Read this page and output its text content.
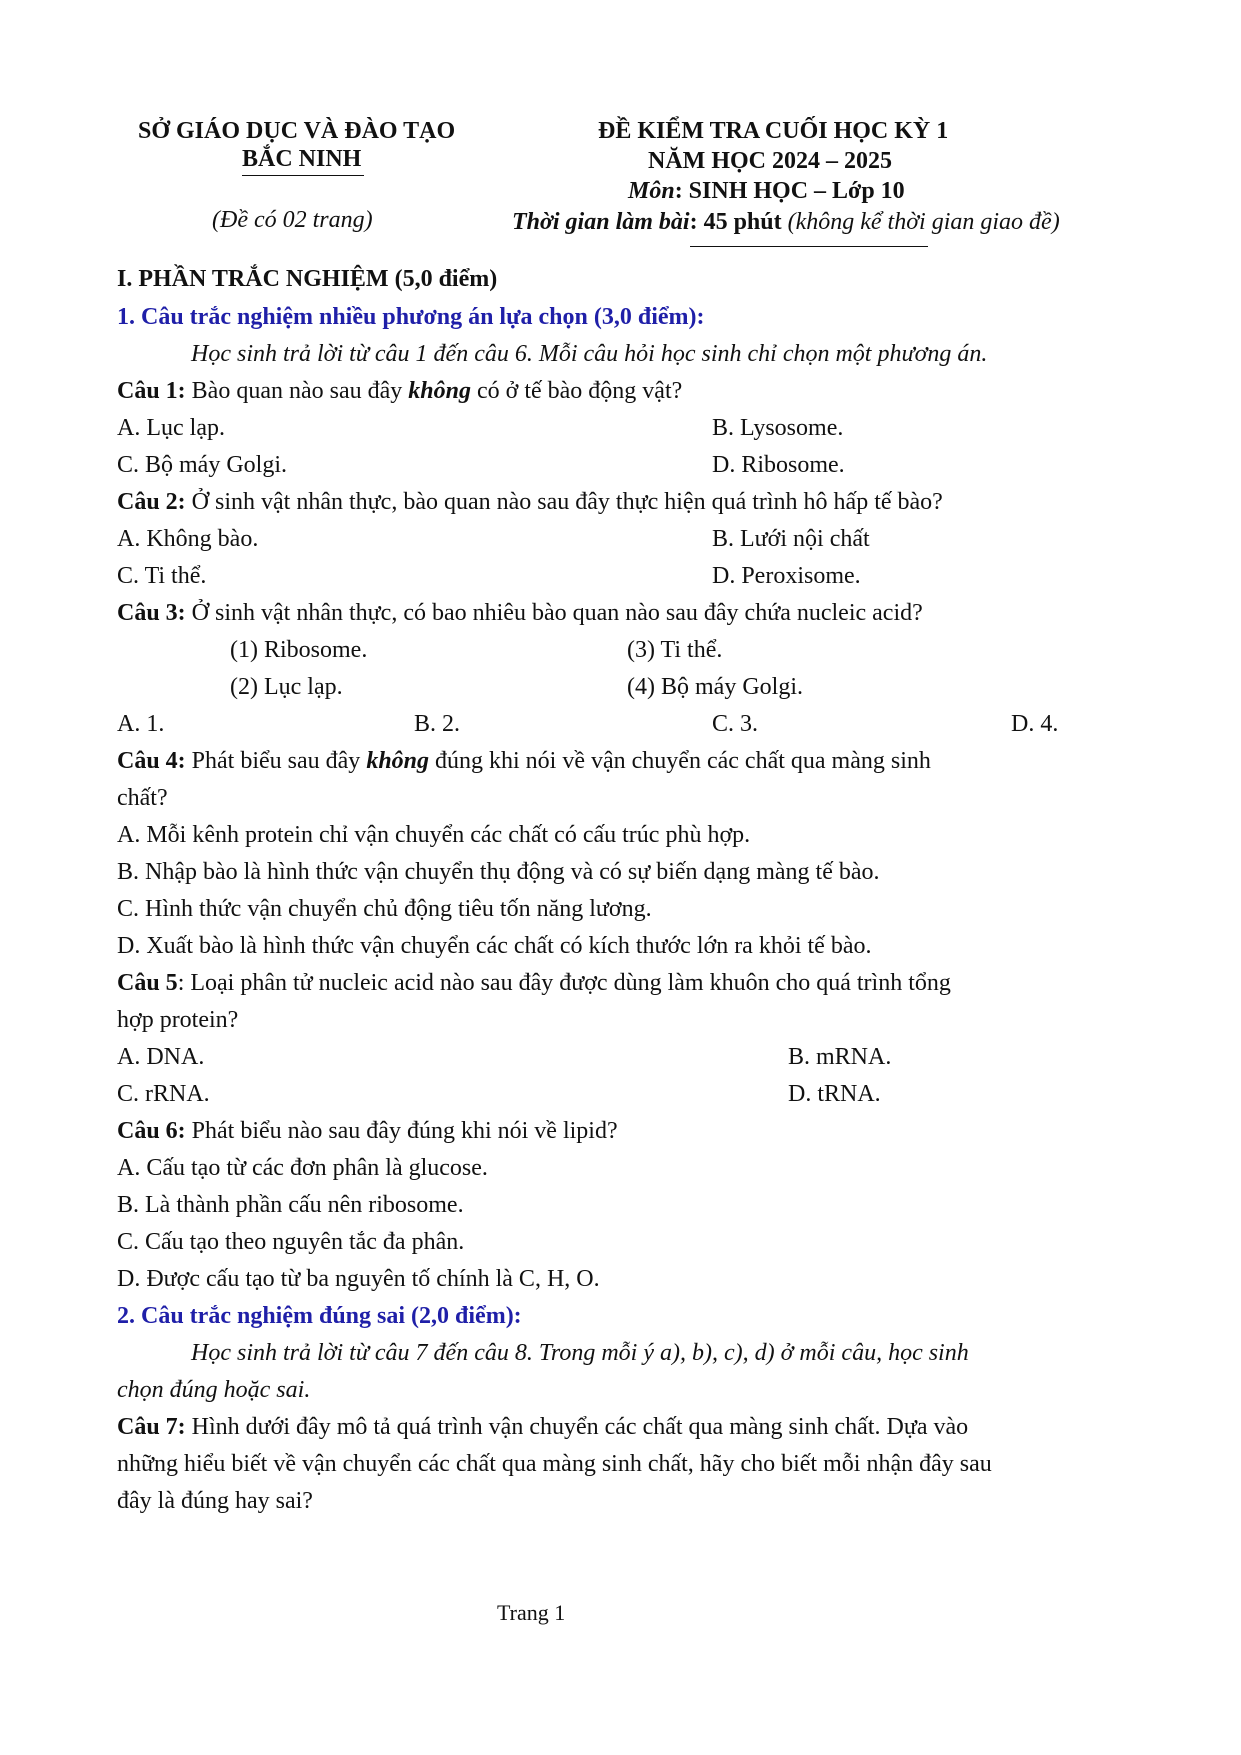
SỞ GIÁO DỤC VÀ ĐÀO TẠO
BẮC NINH
(Đề có 02 trang)
ĐỀ KIỂM TRA CUỐI HỌC KỲ 1
NĂM HỌC 2024 – 2025
Môn: SINH HỌC – Lớp 10
Thời gian làm bài: 45 phút (không kể thời gian giao đề)
I. PHẦN TRẮC NGHIỆM (5,0 điểm)
1. Câu trắc nghiệm nhiều phương án lựa chọn (3,0 điểm):
Học sinh trả lời từ câu 1 đến câu 6. Mỗi câu hỏi học sinh chỉ chọn một phương án.
Câu 1: Bào quan nào sau đây không có ở tế bào động vật?
A. Lục lạp.	B. Lysosome.
C. Bộ máy Golgi.	D. Ribosome.
Câu 2: Ở sinh vật nhân thực, bào quan nào sau đây thực hiện quá trình hô hấp tế bào?
A. Không bào.	B. Lưới nội chất
C. Ti thể.	D. Peroxisome.
Câu 3: Ở sinh vật nhân thực, có bao nhiêu bào quan nào sau đây chứa nucleic acid?
(1) Ribosome.	(3) Ti thể.
(2) Lục lạp.	(4) Bộ máy Golgi.
A. 1.	B. 2.	C. 3.	D. 4.
Câu 4: Phát biểu sau đây không đúng khi nói về vận chuyển các chất qua màng sinh
chất?
A. Mỗi kênh protein chỉ vận chuyển các chất có cấu trúc phù hợp.
B. Nhập bào là hình thức vận chuyển thụ động và có sự biến dạng màng tế bào.
C. Hình thức vận chuyển chủ động tiêu tốn năng lương.
D. Xuất bào là hình thức vận chuyển các chất có kích thước lớn ra khỏi tế bào.
Câu 5: Loại phân tử nucleic acid nào sau đây được dùng làm khuôn cho quá trình tổng
hợp protein?
A. DNA.	B. mRNA.
C. rRNA.	D. tRNA.
Câu 6: Phát biểu nào sau đây đúng khi nói về lipid?
A. Cấu tạo từ các đơn phân là glucose.
B. Là thành phần cấu nên ribosome.
C. Cấu tạo theo nguyên tắc đa phân.
D. Được cấu tạo từ ba nguyên tố chính là C, H, O.
2. Câu trắc nghiệm đúng sai (2,0 điểm):
Học sinh trả lời từ câu 7 đến câu 8. Trong mỗi ý a), b), c), d) ở mỗi câu, học sinh
chọn đúng hoặc sai.
Câu 7: Hình dưới đây mô tả quá trình vận chuyển các chất qua màng sinh chất. Dựa vào
những hiểu biết về vận chuyển các chất qua màng sinh chất, hãy cho biết mỗi nhận đây sau
đây là đúng hay sai?
Trang 1
